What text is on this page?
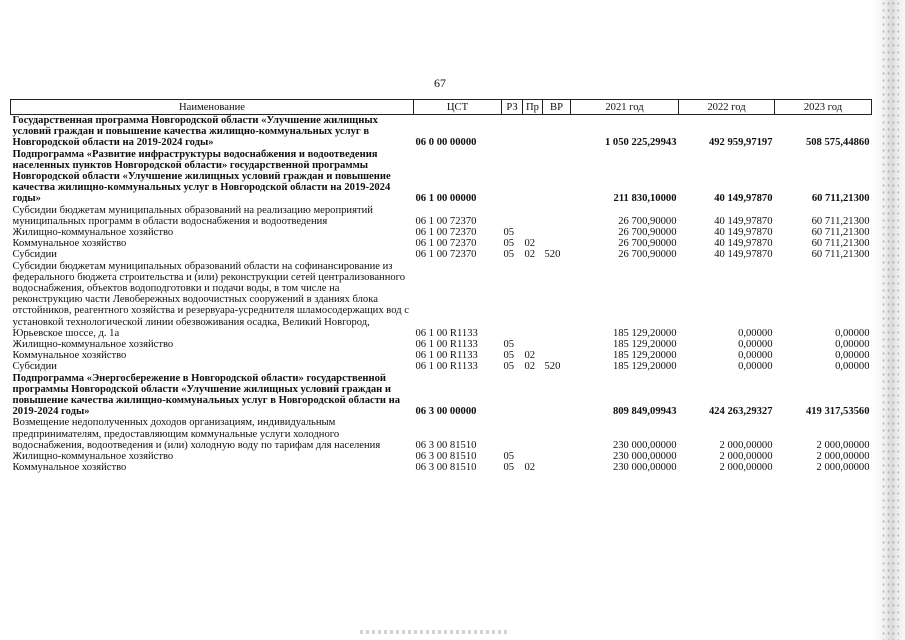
67
Наименование	ЦСТ	РЗ	Пр	ВР	2021 год	2022 год	2023 год
Государственная программа Новгородской области «Улучшение жилищных условий граждан и повышение качества жилищно-коммунальных услуг в Новгородской области на 2019-2024 годы»	06 0 00 00000				1 050 225,29943	492 959,97197	508 575,44860
Подпрограмма «Развитие инфраструктуры водоснабжения и водоотведения населенных пунктов Новгородской области» государственной программы Новгородской области «Улучшение жилищных условий граждан и повышение качества жилищно-коммунальных услуг в Новгородской области на 2019-2024 годы»	06 1 00 00000				211 830,10000	40 149,97870	60 711,21300
Субсидии бюджетам муниципальных образований на реализацию мероприятий муниципальных программ в области водоснабжения и водоотведения	06 1 00 72370				26 700,90000	40 149,97870	60 711,21300
Жилищно-коммунальное хозяйство	06 1 00 72370	05			26 700,90000	40 149,97870	60 711,21300
Коммунальное хозяйство	06 1 00 72370	05	02		26 700,90000	40 149,97870	60 711,21300
Субсидии	06 1 00 72370	05	02	520	26 700,90000	40 149,97870	60 711,21300
Субсидии бюджетам муниципальных образований области на софинансирование из федерального бюджета строительства и (или) реконструкции сетей централизованного водоснабжения, объектов водоподготовки и подачи воды, в том числе на реконструкцию части Левобережных водоочистных сооружений в зданиях блока отстойников, реагентного хозяйства и резервуара-усреднителя шламосодержащих вод с установкой технологической линии обезвоживания осадка, Великий Новгород, Юрьевское шоссе, д. 1а	06 1 00 R1133				185 129,20000	0,00000	0,00000
Жилищно-коммунальное хозяйство	06 1 00 R1133	05			185 129,20000	0,00000	0,00000
Коммунальное хозяйство	06 1 00 R1133	05	02		185 129,20000	0,00000	0,00000
Субсидии	06 1 00 R1133	05	02	520	185 129,20000	0,00000	0,00000
Подпрограмма «Энергосбережение в Новгородской области» государственной программы Новгородской области «Улучшение жилищных условий граждан и повышение качества жилищно-коммунальных услуг в Новгородской области на 2019-2024 годы»	06 3 00 00000				809 849,09943	424 263,29327	419 317,53560
Возмещение недополученных доходов организациям, индивидуальным предпринимателям, предоставляющим коммунальные услуги холодного водоснабжения, водоотведения и (или) холодную воду по тарифам для населения	06 3 00 81510				230 000,00000	2 000,00000	2 000,00000
Жилищно-коммунальное хозяйство	06 3 00 81510	05			230 000,00000	2 000,00000	2 000,00000
Коммунальное хозяйство	06 3 00 81510	05	02		230 000,00000	2 000,00000	2 000,00000
